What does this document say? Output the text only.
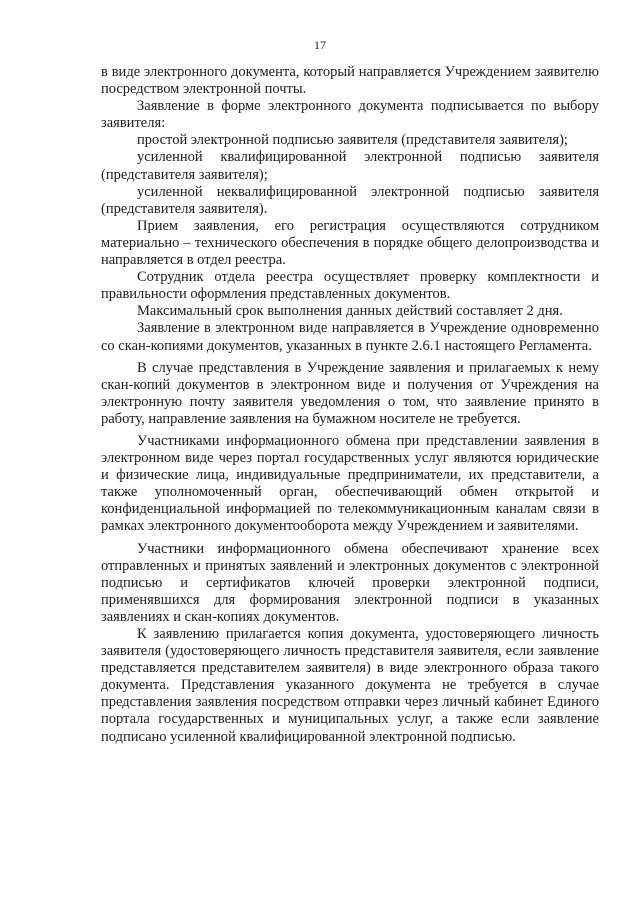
17

в виде электронного документа, который направляется Учреждением заявителю посредством электронной почты.

Заявление в форме электронного документа подписывается по выбору заявителя:

простой электронной подписью заявителя (представителя заявителя);

усиленной квалифицированной электронной подписью заявителя (представителя заявителя);

усиленной неквалифицированной электронной подписью заявителя (представителя заявителя).

Прием заявления, его регистрация осуществляются сотрудником материально – технического обеспечения в порядке общего делопроизводства и направляется в отдел реестра.

Сотрудник отдела реестра осуществляет проверку комплектности и правильности оформления представленных документов.

Максимальный срок выполнения данных действий составляет 2 дня.

Заявление в электронном виде направляется в Учреждение одновременно со скан-копиями документов, указанных в пункте 2.6.1 настоящего Регламента.

В случае представления в Учреждение заявления и прилагаемых к нему скан-копий документов в электронном виде и получения от Учреждения на электронную почту заявителя уведомления о том, что заявление принято в работу, направление заявления на бумажном носителе не требуется.

Участниками информационного обмена при представлении заявления в электронном виде через портал государственных услуг являются юридические и физические лица, индивидуальные предприниматели, их представители, а также уполномоченный орган, обеспечивающий обмен открытой и конфиденциальной информацией по телекоммуникационным каналам связи в рамках электронного документооборота между Учреждением и заявителями.

Участники информационного обмена обеспечивают хранение всех отправленных и принятых заявлений и электронных документов с электронной подписью и сертификатов ключей проверки электронной подписи, применявшихся для формирования электронной подписи в указанных заявлениях и скан-копиях документов.

К заявлению прилагается копия документа, удостоверяющего личность заявителя (удостоверяющего личность представителя заявителя, если заявление представляется представителем заявителя) в виде электронного образа такого документа. Представления указанного документа не требуется в случае представления заявления посредством отправки через личный кабинет Единого портала государственных и муниципальных услуг, а также если заявление подписано усиленной квалифицированной электронной подписью.
